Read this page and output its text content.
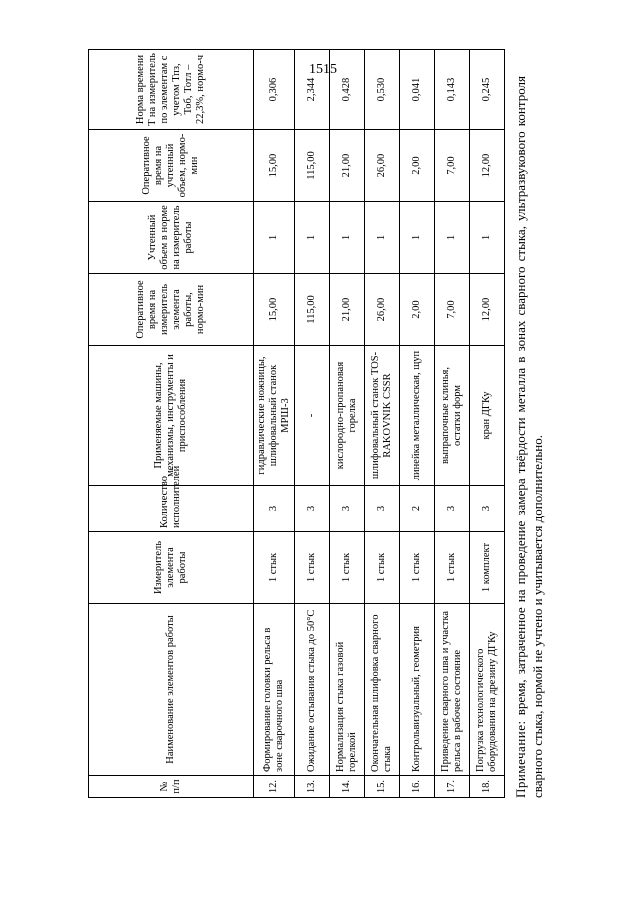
1515
№ п/п	Наименование элементов работы	Измеритель элемента работы	Количество исполнителей	Применяемые машины, механизмы, инструменты и приспособления	Оперативное время на измеритель элемента работы, нормо-мин	Учтенный объем в норме на измеритель работы	Оперативное время на учтенный объем, нормо-мин	Норма времени T на измеритель по элементам с учетом Тпз, Тоб, Тотл – 22,3%, нормо-ч
12.	Формирование головки рельса в зоне сварочного шва	1 стык	3	гидравлические ножницы, шлифовальный станок МРШ-3	15,00	1	15,00	0,306
13.	Ожидание остывания стыка до 50°С	1 стык	3	-	115,00	1	115,00	2,344
14.	Нормализация стыка газовой горелкой	1 стык	3	кислородно-пропановая горелка	21,00	1	21,00	0,428
15.	Окончательная шлифовка сварного стыка	1 стык	3	шлифовальный станок TOS-RAKOVNIK CSSR	26,00	1	26,00	0,530
16.	Контрольвизуальный, геометрия	1 стык	2	линейка металлическая, щуп	2,00	1	2,00	0,041
17.	Приведение сварного шва и участка рельса в рабочее состояние	1 стык	3	выпрапочные клинья, остатки форм	7,00	1	7,00	0,143
18.	Погрузка технологического оборудования на дрезину ДГКу	1 комплект	3	кран ДГКу	12,00	1	12,00	0,245
Примечание: время, затраченное на проведение замера твёрдости металла в зонах сварного стыка, ультразвукового контроля сварного стыка, нормой не учтено и учитывается дополнительно.
